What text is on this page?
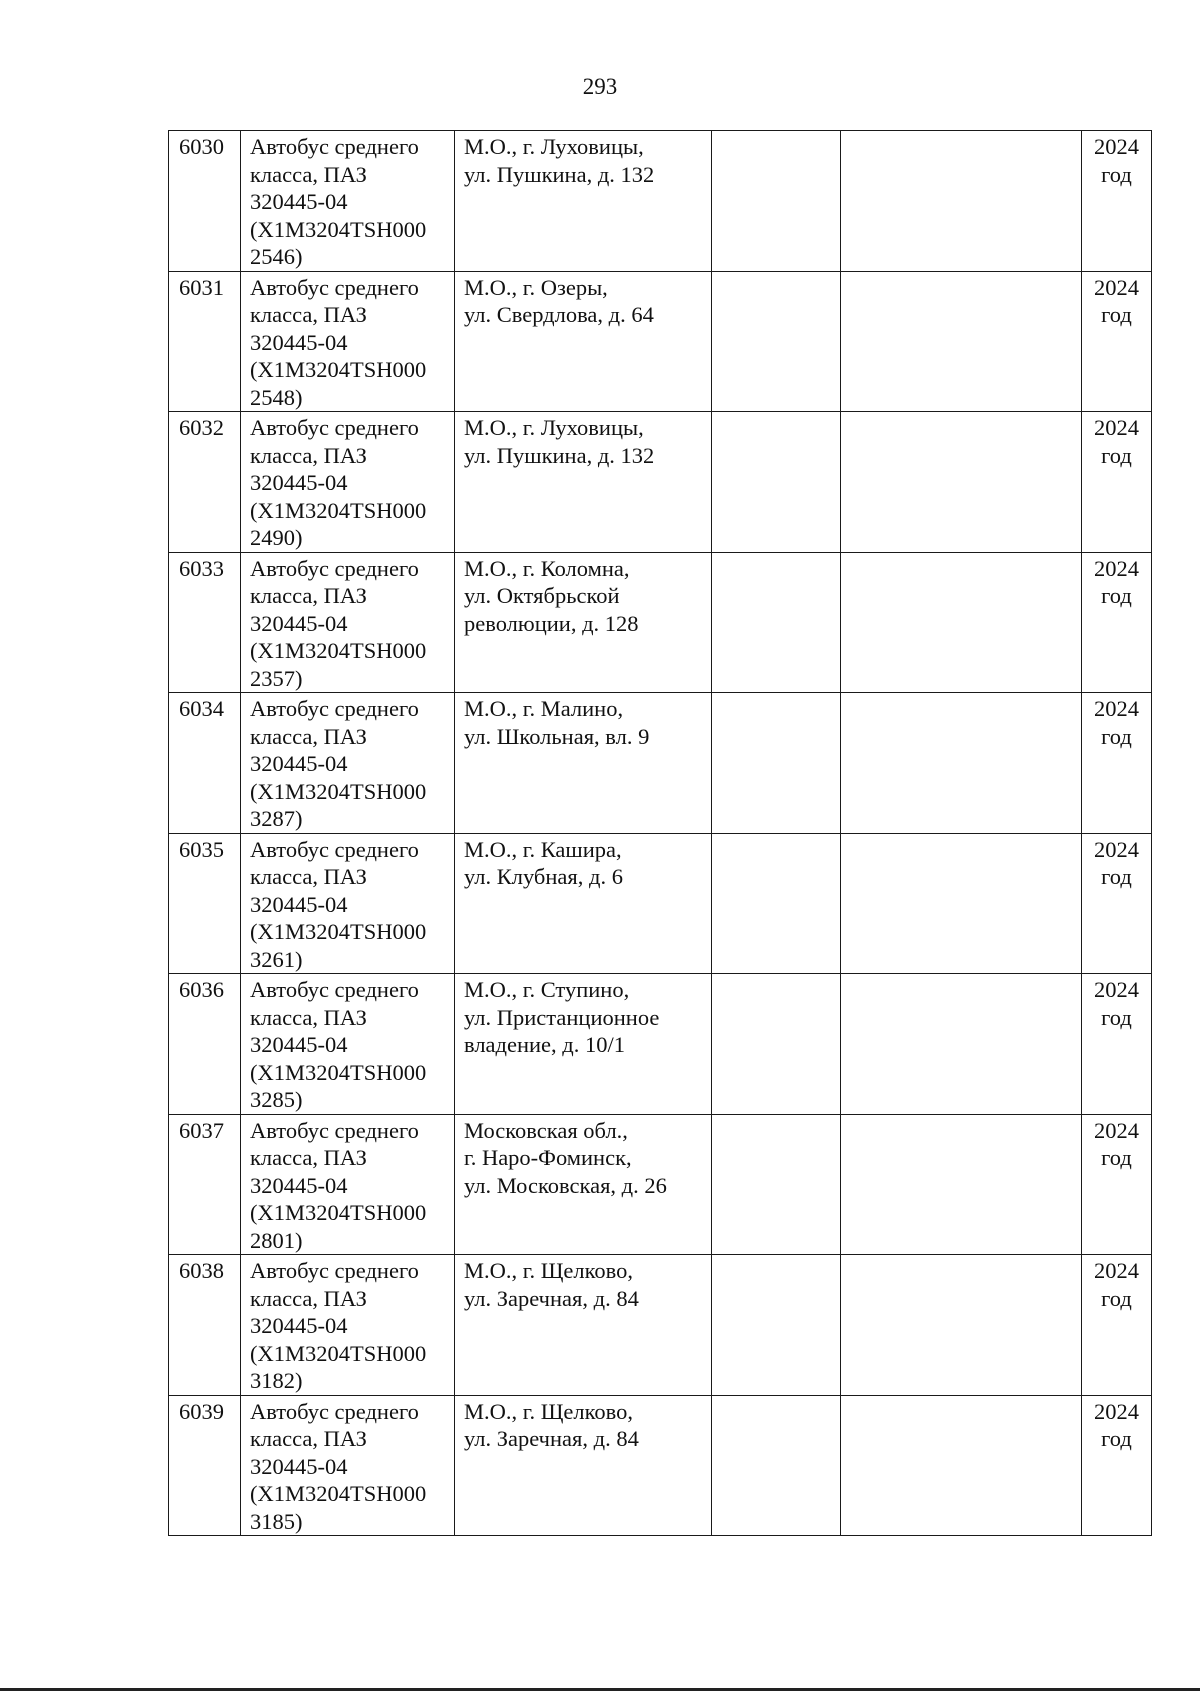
293
6030	Автобус среднего
класса, ПАЗ
320445-04
(X1M3204TSH000
2546)	М.О., г. Луховицы,
ул. Пушкина, д. 132			2024
год

6031	Автобус среднего
класса, ПАЗ
320445-04
(X1M3204TSH000
2548)	М.О., г. Озеры,
ул. Свердлова, д. 64			2024
год

6032	Автобус среднего
класса, ПАЗ
320445-04
(X1M3204TSH000
2490)	М.О., г. Луховицы,
ул. Пушкина, д. 132			2024
год

6033	Автобус среднего
класса, ПАЗ
320445-04
(X1M3204TSH000
2357)	М.О., г. Коломна,
ул. Октябрьской
революции, д. 128			2024
год

6034	Автобус среднего
класса, ПАЗ
320445-04
(X1M3204TSH000
3287)	М.О., г. Малино,
ул. Школьная, вл. 9			2024
год

6035	Автобус среднего
класса, ПАЗ
320445-04
(X1M3204TSH000
3261)	М.О., г. Кашира,
ул. Клубная, д. 6			2024
год

6036	Автобус среднего
класса, ПАЗ
320445-04
(X1M3204TSH000
3285)	М.О., г. Ступино,
ул. Пристанционное
владение, д. 10/1			2024
год

6037	Автобус среднего
класса, ПАЗ
320445-04
(X1M3204TSH000
2801)	Московская обл.,
г. Наро-Фоминск,
ул. Московская, д. 26			2024
год

6038	Автобус среднего
класса, ПАЗ
320445-04
(X1M3204TSH000
3182)	М.О., г. Щелково,
ул. Заречная, д. 84			2024
год

6039	Автобус среднего
класса, ПАЗ
320445-04
(X1M3204TSH000
3185)	М.О., г. Щелково,
ул. Заречная, д. 84			2024
год
